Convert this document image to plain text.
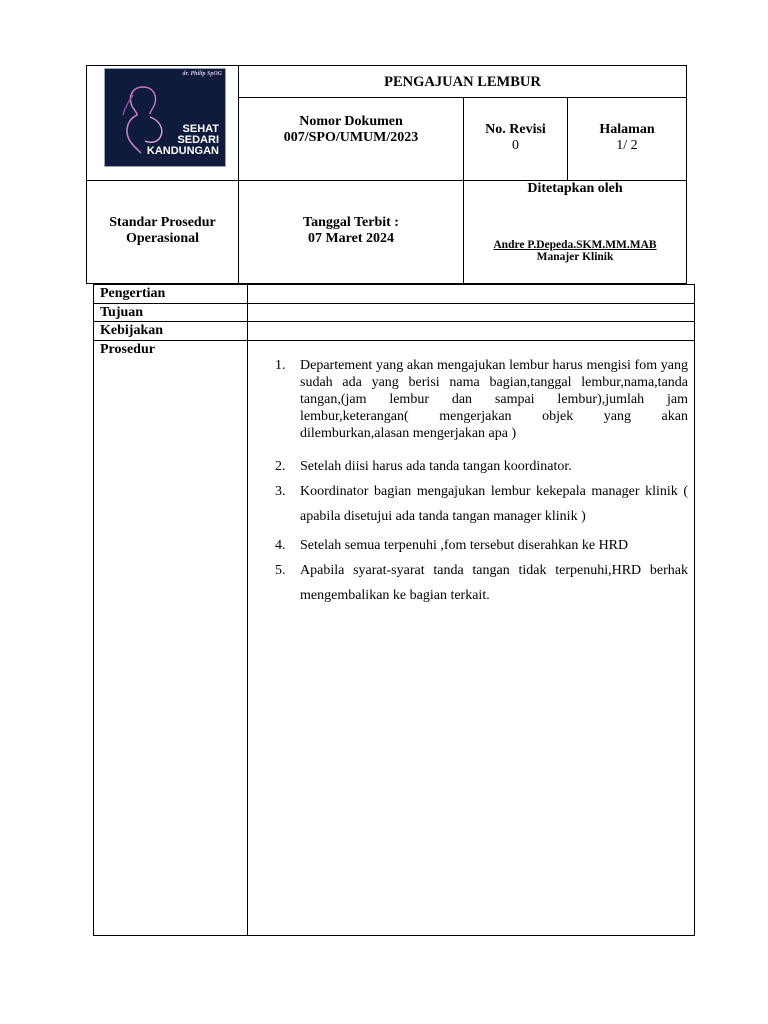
dr. Philip SpOG
SEHAT
SEDARI
KANDUNGAN
PENGAJUAN LEMBUR
Nomor Dokumen
007/SPO/UMUM/2023
No. Revisi
0
Halaman
1/ 2
Standar Prosedur
Operasional
Tanggal Terbit :
07 Maret 2024
Ditetapkan oleh
Andre P.Depeda.SKM.MM.MAB
Manajer Klinik
Pengertian
Tujuan
Kebijakan
Prosedur
1. Departement yang akan mengajukan lembur harus mengisi fom yang sudah ada yang berisi nama bagian,tanggal lembur,nama,tanda tangan,(jam lembur dan sampai lembur),jumlah jam lembur,keterangan( mengerjakan objek yang akan dilemburkan,alasan mengerjakan apa )
2. Setelah diisi harus ada tanda tangan koordinator.
3. Koordinator bagian mengajukan lembur kekepala manager klinik ( apabila disetujui ada tanda tangan manager klinik )
4. Setelah semua terpenuhi ,fom tersebut diserahkan ke HRD
5. Apabila syarat-syarat tanda tangan tidak terpenuhi,HRD berhak mengembalikan ke bagian terkait.
